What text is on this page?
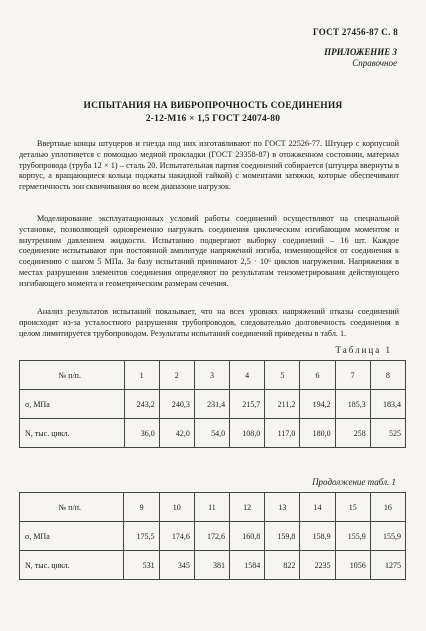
ГОСТ 27456-87 С. 8
ПРИЛОЖЕНИЕ 3
Справочное
ИСПЫТАНИЯ НА ВИБРОПРОЧНОСТЬ СОЕДИНЕНИЯ
2-12-М16 × 1,5 ГОСТ 24074-80

Ввертные концы штуцеров и гнезда под них изготавливают по ГОСТ 22526-77. Штуцер с корпусной деталью уплотняется с помощью медной прокладки (ГОСТ 23358-87) в отожженном состоянии, материал трубопровода (труба 12 × 1) – сталь 20. Испытательная партия соединений собирается (штуцера ввернуты в корпус, а вращающиеся кольца поджаты накидной гайкой) с моментами затяжки, которые обеспечивают герметичность зон сквичивания во всем диапазоне нагрузок.

Моделирование эксплуатационных условий работы соединений осуществляют на специальной установке, позволяющей одновременно нагружать соединения циклическим изгибающим моментом и внутренним давлением жидкости. Испытанию подвергают выборку соединений – 16 шт. Каждое соединение испытывают при постоянной амплитуде напряжений изгиба, изменяющейся от соединения к соединению с шагом 5 МПа. За базу испытаний принимают 2,5 · 10⁶ циклов нагружения. Напряжения в местах разрушения элементов соединения определяют по результатам тензометрирования действующего изгибающего момента и геометрическим размерам сечения.

Анализ результатов испытаний показывает, что на всех уровнях напряжений отказы соединений происходят из-за усталостного разрушения трубопроводов, следовательно долговечность соединения в целом лимитируется трубопроводом. Результаты испытаний соединений приведены в табл. 1.

Таблица 1
№ п/п.	1	2	3	4	5	6	7	8
σ, МПа	243,2	240,3	231,4	215,7	211,2	194,2	185,3	183,4
N, тыс. цикл.	36,0	42,0	54,0	108,0	117,0	180,0	258	525
Продолжение табл. 1
№ п/п.	9	10	11	12	13	14	15	16
σ, МПа	175,5	174,6	172,6	160,8	159,8	158,9	155,9	155,9
N, тыс. цикл.	531	345	381	1584	822	2235	1056	1275
